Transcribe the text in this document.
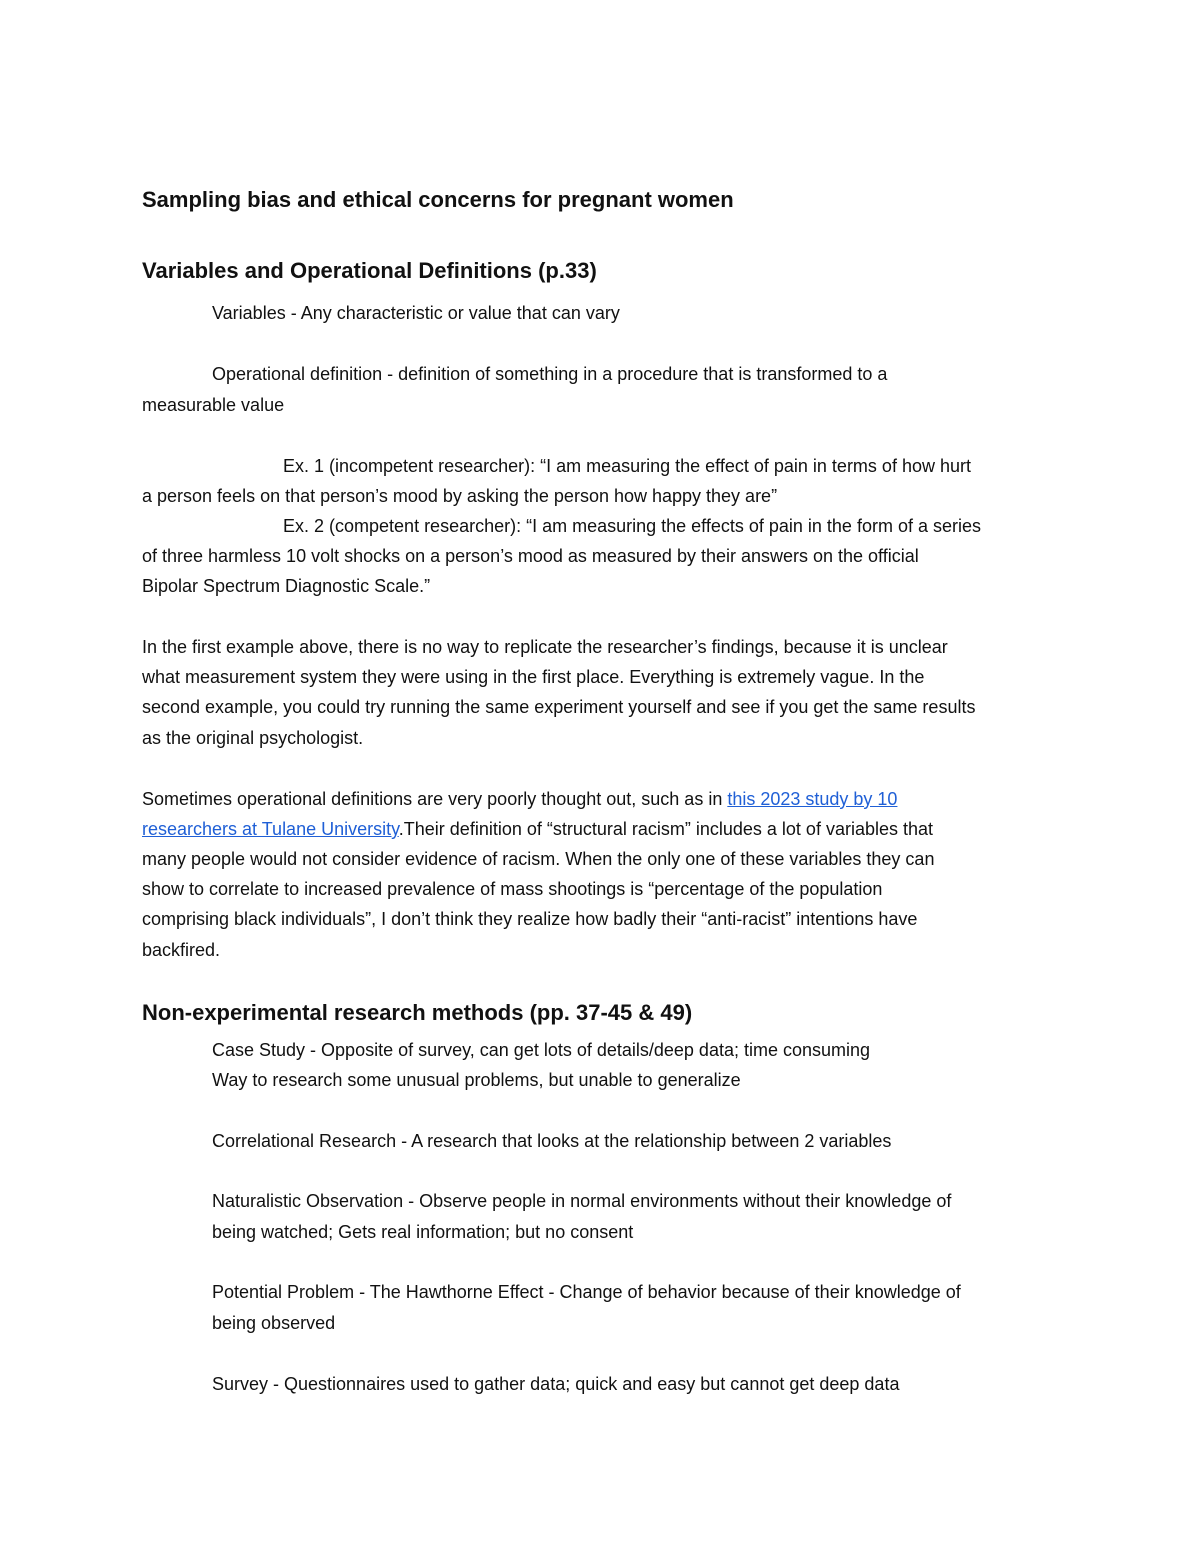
Sampling bias and ethical concerns for pregnant women
Variables and Operational Definitions (p.33)
Variables - Any characteristic or value that can vary
Operational definition - definition of something in a procedure that is transformed to a
measurable value
Ex. 1 (incompetent researcher): “I am measuring the effect of pain in terms of how hurt
a person feels on that person’s mood by asking the person how happy they are”
Ex. 2 (competent researcher): “I am measuring the effects of pain in the form of a series
of three harmless 10 volt shocks on a person’s mood as measured by their answers on the official
Bipolar Spectrum Diagnostic Scale.”
In the first example above, there is no way to replicate the researcher’s findings, because it is unclear
what measurement system they were using in the first place. Everything is extremely vague. In the
second example, you could try running the same experiment yourself and see if you get the same results
as the original psychologist.
Sometimes operational definitions are very poorly thought out, such as in this 2023 study by 10
researchers at Tulane University.Their definition of “structural racism” includes a lot of variables that
many people would not consider evidence of racism. When the only one of these variables they can
show to correlate to increased prevalence of mass shootings is “percentage of the population
comprising black individuals”, I don’t think they realize how badly their “anti-racist” intentions have
backfired.
Non-experimental research methods (pp. 37-45 & 49)
Case Study - Opposite of survey, can get lots of details/deep data; time consuming
Way to research some unusual problems, but unable to generalize
Correlational Research - A research that looks at the relationship between 2 variables
Naturalistic Observation - Observe people in normal environments without their knowledge of
being watched; Gets real information; but no consent
Potential Problem - The Hawthorne Effect - Change of behavior because of their knowledge of
being observed
Survey - Questionnaires used to gather data; quick and easy but cannot get deep data
